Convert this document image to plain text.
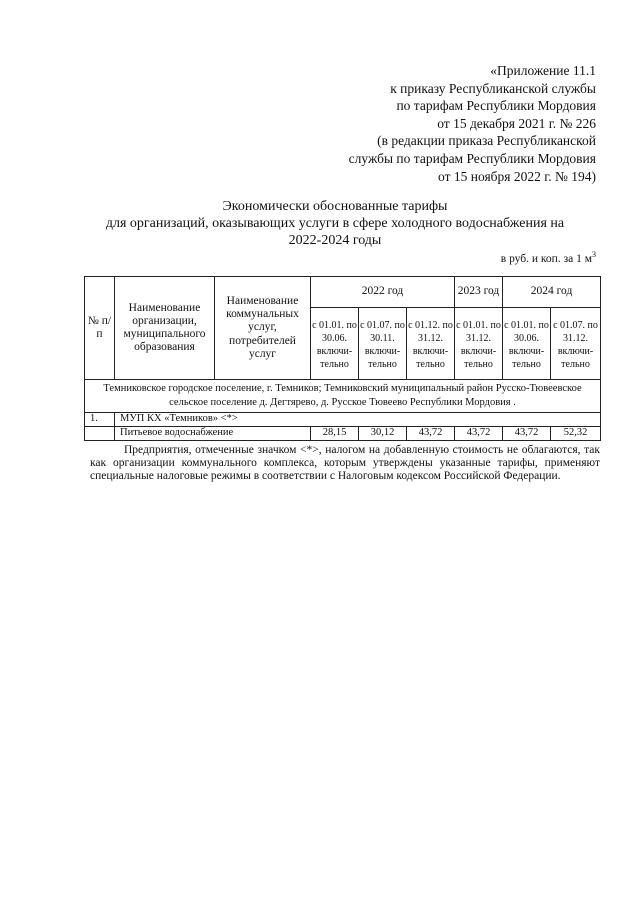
«Приложение 11.1
к приказу Республиканской службы
по тарифам Республики Мордовия
от 15 декабря 2021 г. № 226
(в редакции приказа Республиканской
службы по тарифам Республики Мордовия
от 15 ноября 2022 г. № 194)
Экономически обоснованные тарифы
для организаций, оказывающих услуги в сфере холодного водоснабжения на
2022-2024 годы
в руб. и коп. за 1 $м^3$
№ п/п	Наименование организации, муниципального образования	Наименование коммунальных услуг, потребителей услуг	2022 год			2023 год	2024 год	
			с 01.01. по 30.06. включи-тельно	с 01.07. по 30.11. включи-тельно	с 01.12. по 31.12. включи-тельно	с 01.01. по 31.12. включи-тельно	с 01.01. по 30.06. включи-тельно	с 01.07. по 31.12. включи-тельно
Темниковское городское поселение, г. Темников; Темниковский муниципальный район Русско-Тювеевское сельское поселение д. Дегтярево, д. Русское Тювеево Республики Мордовия .								
1.	МУП КХ «Темников» <*>							
	Питьевое водоснабжение		28,15	30,12	43,72	43,72	43,72	52,32
Предприятия, отмеченные значком <*>, налогом на добавленную стоимость не облагаются, так как организации коммунального комплекса, которым утверждены указанные тарифы, применяют специальные налоговые режимы в соответствии с Налоговым кодексом Российской Федерации.
